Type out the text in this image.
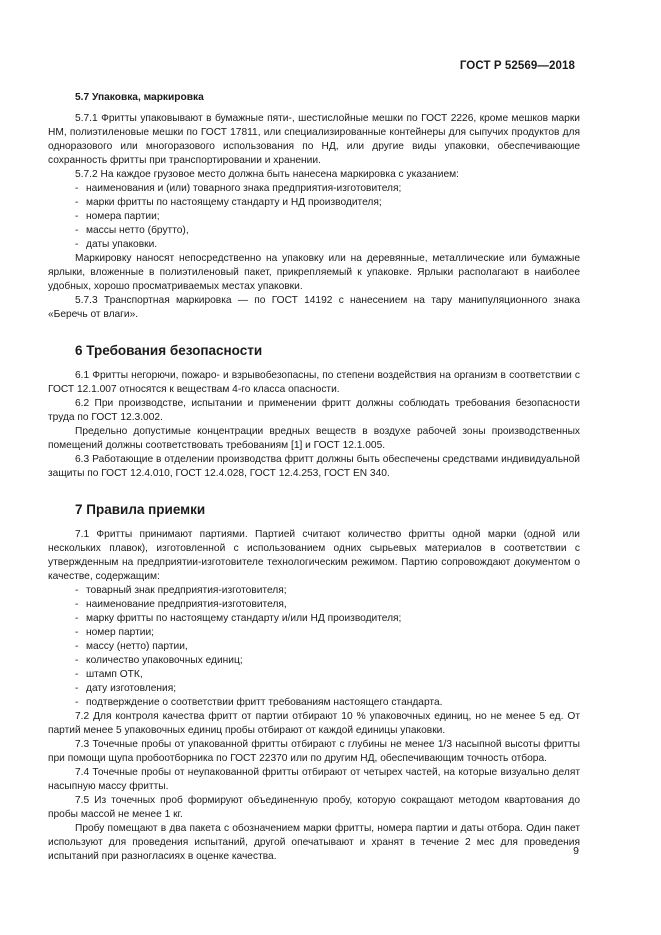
ГОСТ Р 52569—2018
5.7 Упаковка, маркировка

5.7.1 Фритты упаковывают в бумажные пяти-, шестислойные мешки по ГОСТ 2226, кроме мешков марки НМ, полиэтиленовые мешки по ГОСТ 17811, или специализированные контейнеры для сыпучих продуктов для одноразового или многоразового использования по НД, или другие виды упаковки, обеспечивающие сохранность фритты при транспортировании и хранении.

5.7.2 На каждое грузовое место должна быть нанесена маркировка с указанием:

- наименования и (или) товарного знака предприятия-изготовителя;
- марки фритты по настоящему стандарту и НД производителя;
- номера партии;
- массы нетто (брутто),
- даты упаковки.

Маркировку наносят непосредственно на упаковку или на деревянные, металлические или бумажные ярлыки, вложенные в полиэтиленовый пакет, прикрепляемый к упаковке. Ярлыки располагают в наиболее удобных, хорошо просматриваемых местах упаковки.

5.7.3 Транспортная маркировка — по ГОСТ 14192 с нанесением на тару манипуляционного знака «Беречь от влаги».

6 Требования безопасности

6.1 Фритты негорючи, пожаро- и взрывобезопасны, по степени воздействия на организм в соответствии с ГОСТ 12.1.007 относятся к веществам 4-го класса опасности.

6.2 При производстве, испытании и применении фритт должны соблюдать требования безопасности труда по ГОСТ 12.3.002.

Предельно допустимые концентрации вредных веществ в воздухе рабочей зоны производственных помещений должны соответствовать требованиям [1] и ГОСТ 12.1.005.

6.3 Работающие в отделении производства фритт должны быть обеспечены средствами индивидуальной защиты по ГОСТ 12.4.010, ГОСТ 12.4.028, ГОСТ 12.4.253, ГОСТ EN 340.

7 Правила приемки

7.1 Фритты принимают партиями. Партией считают количество фритты одной марки (одной или нескольких плавок), изготовленной с использованием одних сырьевых материалов в соответствии с утвержденным на предприятии-изготовителе технологическим режимом. Партию сопровождают документом о качестве, содержащим:

- товарный знак предприятия-изготовителя;
- наименование предприятия-изготовителя,
- марку фритты по настоящему стандарту и/или НД производителя;
- номер партии;
- массу (нетто) партии,
- количество упаковочных единиц;
- штамп ОТК,
- дату изготовления;
- подтверждение о соответствии фритт требованиям настоящего стандарта.

7.2 Для контроля качества фритт от партии отбирают 10 % упаковочных единиц, но не менее 5 ед. От партий менее 5 упаковочных единиц пробы отбирают от каждой единицы упаковки.

7.3 Точечные пробы от упакованной фритты отбирают с глубины не менее 1/3 насыпной высоты фритты при помощи щупа пробоотборника по ГОСТ 22370 или по другим НД, обеспечивающим точность отбора.

7.4 Точечные пробы от неупакованной фритты отбирают от четырех частей, на которые визуально делят насыпную массу фритты.

7.5 Из точечных проб формируют объединенную пробу, которую сокращают методом квартования до пробы массой не менее 1 кг.

Пробу помещают в два пакета с обозначением марки фритты, номера партии и даты отбора. Один пакет используют для проведения испытаний, другой опечатывают и хранят в течение 2 мес для проведения испытаний при разногласиях в оценке качества.	9
